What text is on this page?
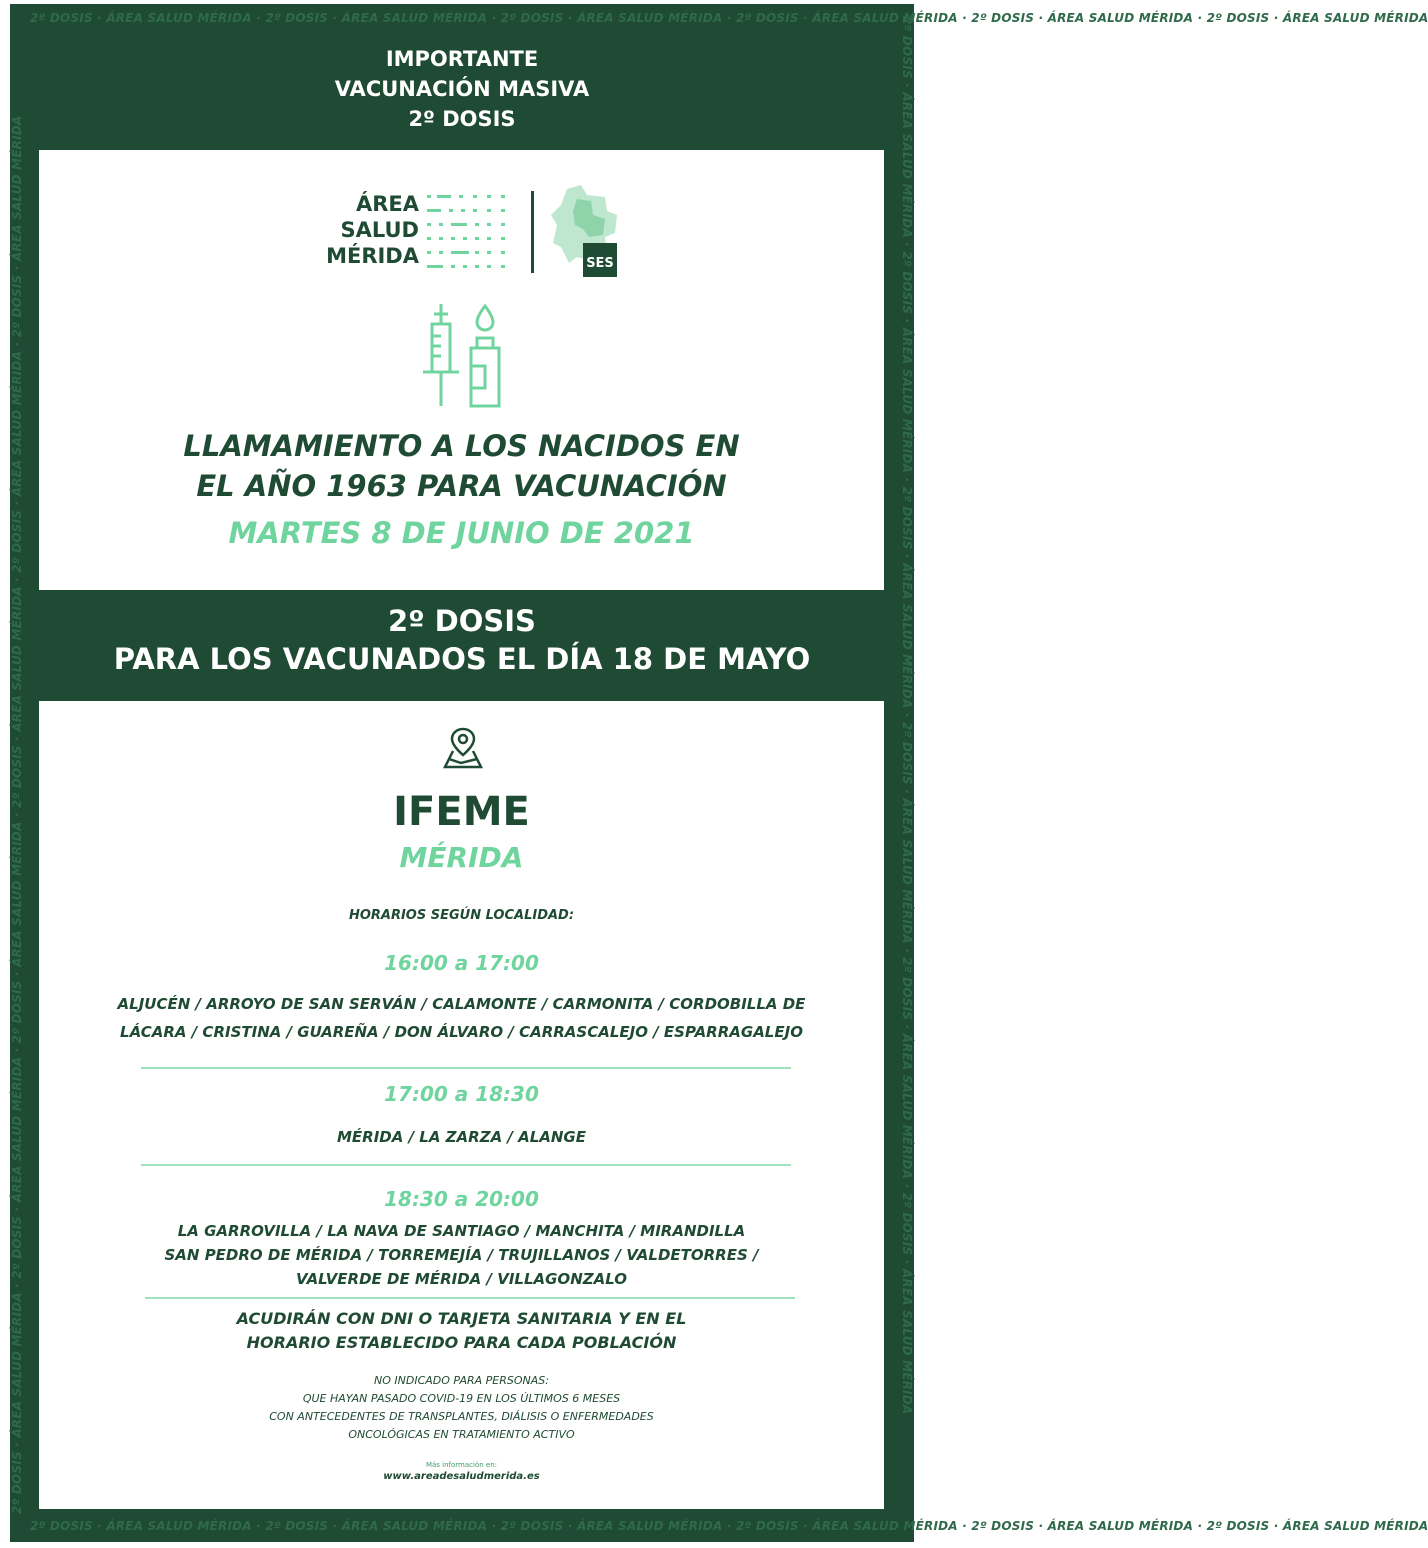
2º DOSIS · ÁREA SALUD MÉRIDA · 2º DOSIS · ÁREA SALUD MÉRIDA · 2º DOSIS · ÁREA SALUD MÉRIDA · 2º DOSIS · ÁREA SALUD MÉRIDA · 2º DOSIS · ÁREA SALUD MÉRIDA · 2º DOSIS · ÁREA SALUD MÉRIDA
2º DOSIS · ÁREA SALUD MÉRIDA · 2º DOSIS · ÁREA SALUD MÉRIDA · 2º DOSIS · ÁREA SALUD MÉRIDA · 2º DOSIS · ÁREA SALUD MÉRIDA · 2º DOSIS · ÁREA SALUD MÉRIDA · 2º DOSIS · ÁREA SALUD MÉRIDA
2º DOSIS · ÁREA SALUD MÉRIDA · 2º DOSIS · ÁREA SALUD MÉRIDA · 2º DOSIS · ÁREA SALUD MÉRIDA · 2º DOSIS · ÁREA SALUD MÉRIDA · 2º DOSIS · ÁREA SALUD MÉRIDA · 2º DOSIS · ÁREA SALUD MÉRIDA	2º DOSIS · ÁREA SALUD MÉRIDA · 2º DOSIS · ÁREA SALUD MÉRIDA · 2º DOSIS · ÁREA SALUD MÉRIDA · 2º DOSIS · ÁREA SALUD MÉRIDA · 2º DOSIS · ÁREA SALUD MÉRIDA · 2º DOSIS · ÁREA SALUD MÉRIDA
IMPORTANTE
VACUNACIÓN MASIVA
2º DOSIS
ÁREA
SALUD
MÉRIDA	SES
LLAMAMIENTO A LOS NACIDOS EN
EL AÑO 1963 PARA VACUNACIÓN
MARTES 8 DE JUNIO DE 2021
2º DOSIS
PARA LOS VACUNADOS EL DÍA 18 DE MAYO
IFEME
MÉRIDA
HORARIOS SEGÚN LOCALIDAD:
16:00 a 17:00
ALJUCÉN / ARROYO DE SAN SERVÁN / CALAMONTE / CARMONITA / CORDOBILLA DE
LÁCARA / CRISTINA / GUAREÑA / DON ÁLVARO / CARRASCALEJO / ESPARRAGALEJO
17:00 a 18:30
MÉRIDA / LA ZARZA / ALANGE
18:30 a 20:00
LA GARROVILLA / LA NAVA DE SANTIAGO / MANCHITA / MIRANDILLA
SAN PEDRO DE MÉRIDA / TORREMEJÍA / TRUJILLANOS / VALDETORRES /
VALVERDE DE MÉRIDA / VILLAGONZALO
ACUDIRÁN CON DNI O TARJETA SANITARIA Y EN EL
HORARIO ESTABLECIDO PARA CADA POBLACIÓN
NO INDICADO PARA PERSONAS:
QUE HAYAN PASADO COVID-19 EN LOS ÚLTIMOS 6 MESES
CON ANTECEDENTES DE TRANSPLANTES, DIÁLISIS O ENFERMEDADES
ONCOLÓGICAS EN TRATAMIENTO ACTIVO
Más información en:
www.areadesaludmerida.es
